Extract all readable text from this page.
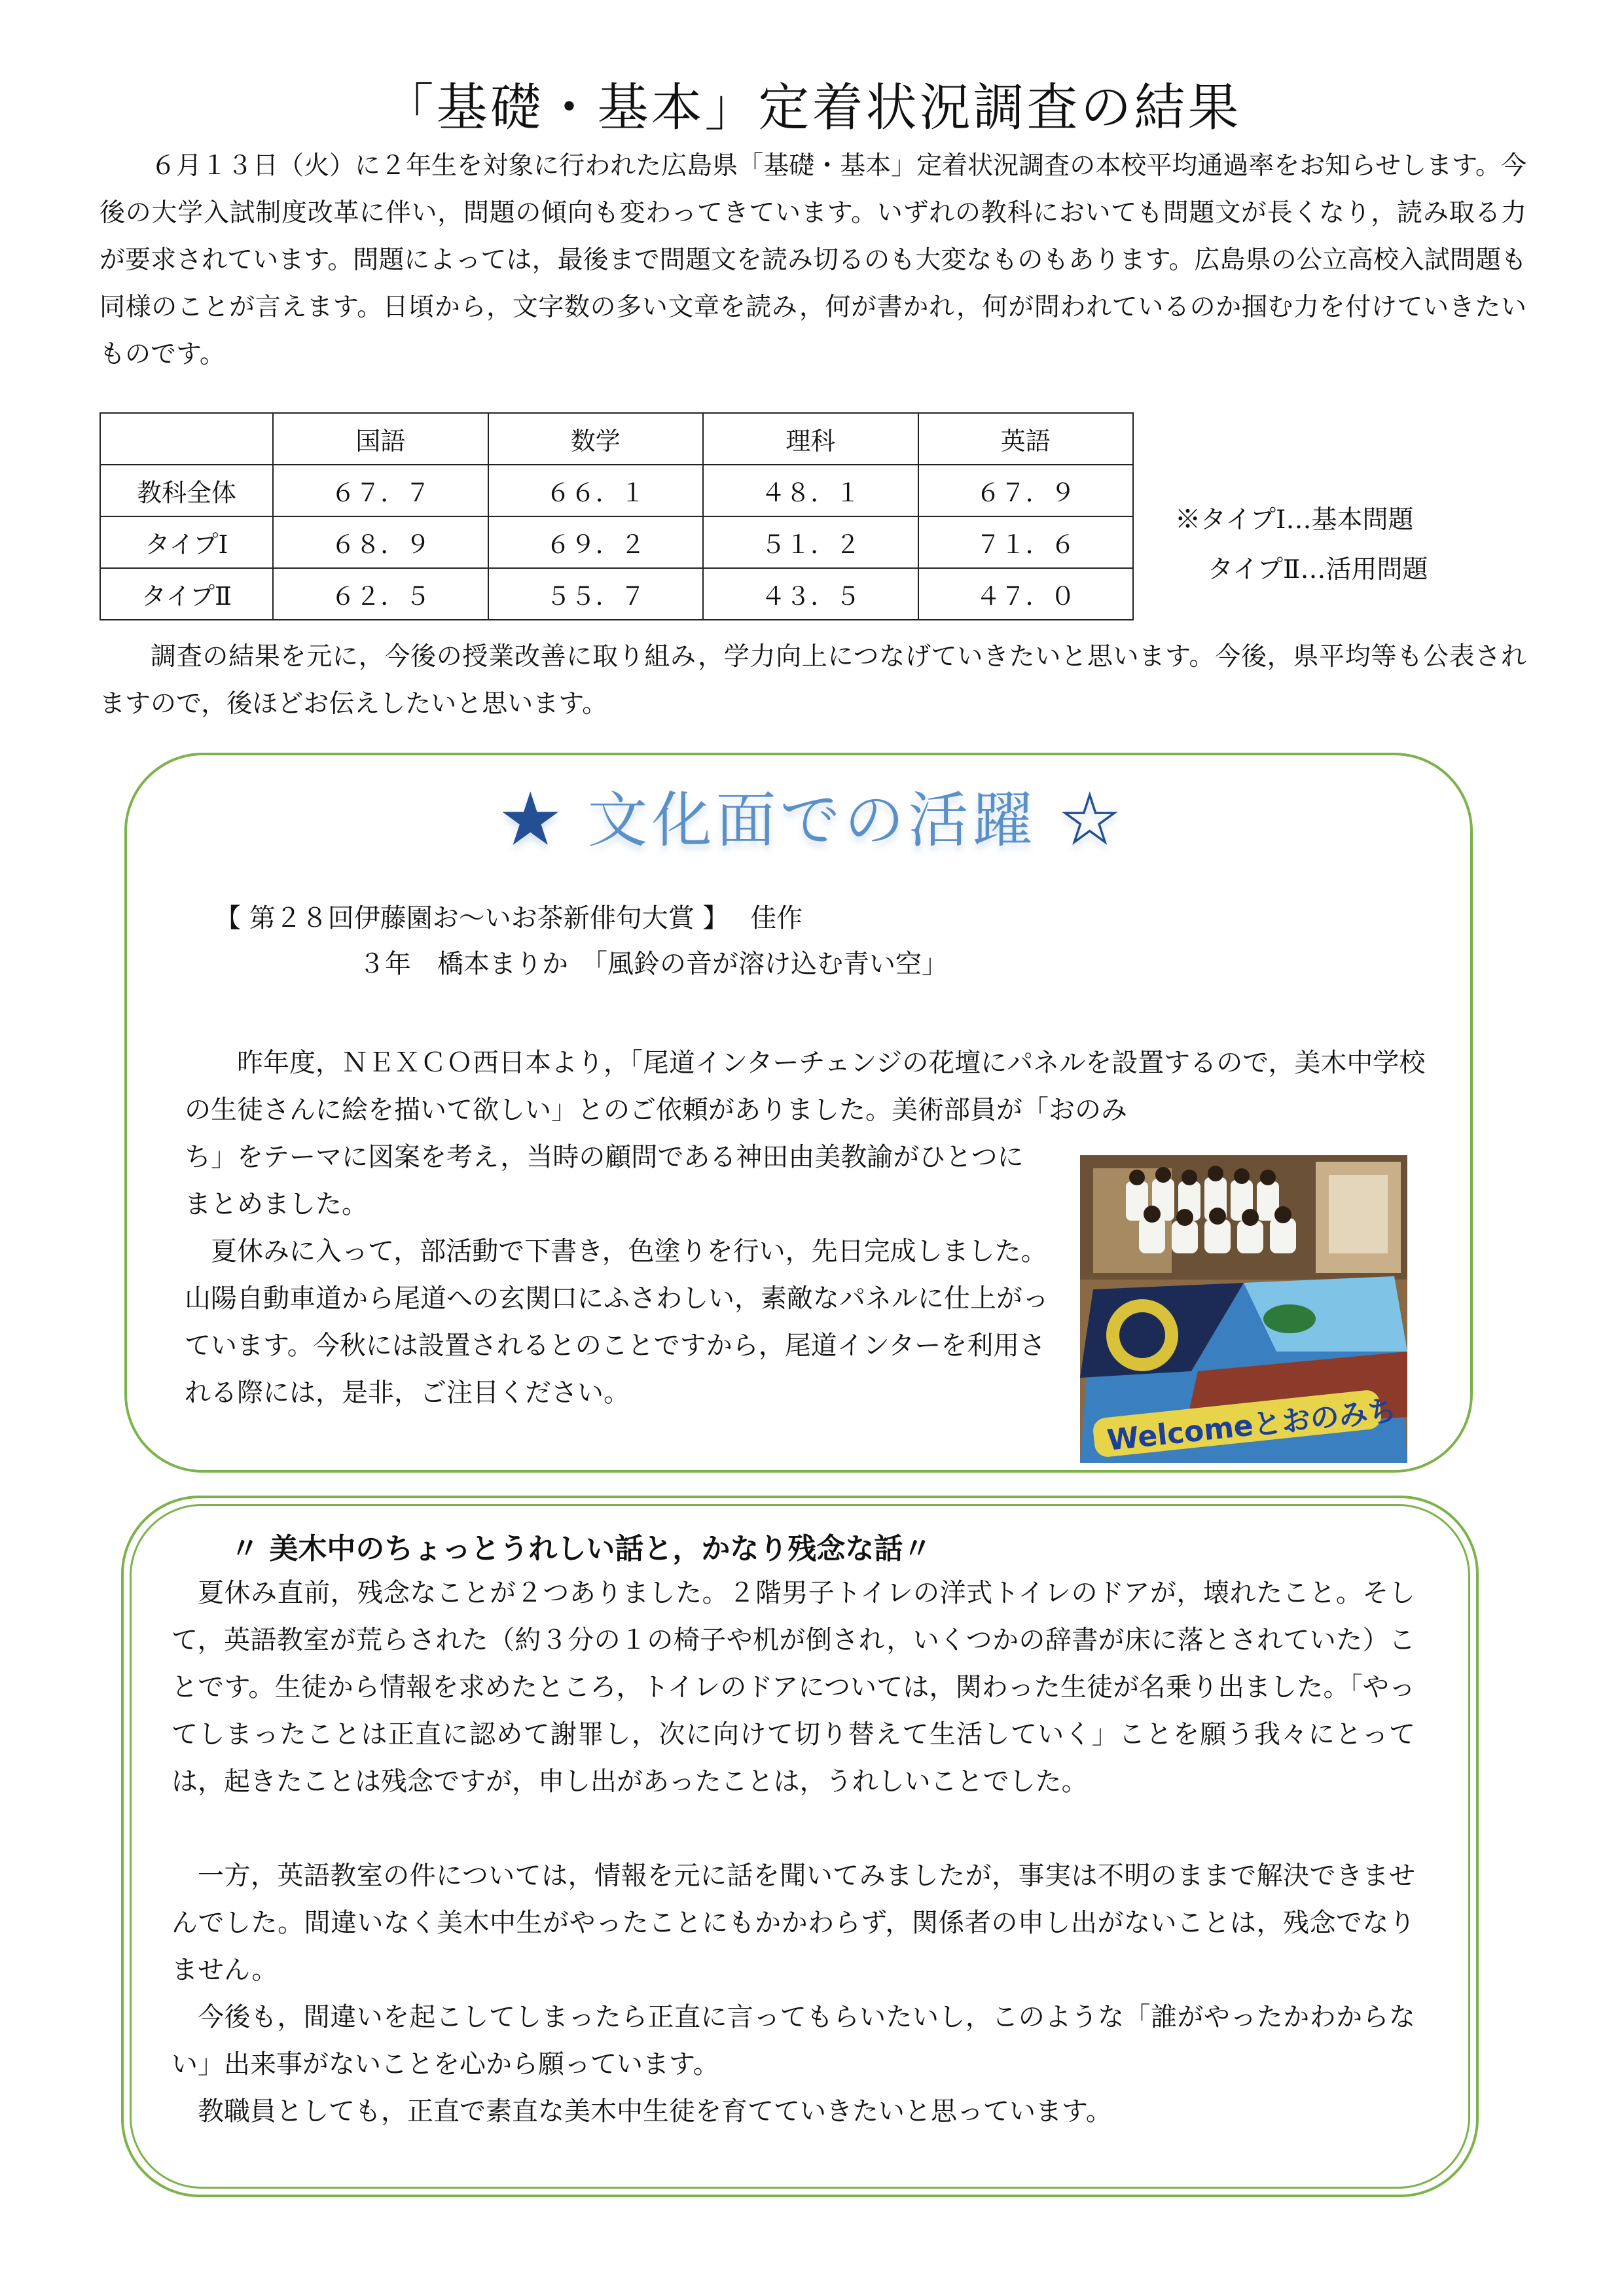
「基礎・基本」定着状況調査の結果

６月１３日（火）に２年生を対象に行われた広島県「基礎・基本」定着状況調査の本校平均通過率をお知らせします。今後の大学入試制度改革に伴い，問題の傾向も変わってきています。いずれの教科においても問題文が長くなり，読み取る力が要求されています。問題によっては，最後まで問題文を読み切るのも大変なものもあります。広島県の公立高校入試問題も同様のことが言えます。日頃から，文字数の多い文章を読み，何が書かれ，何が問われているのか掴む力を付けていきたいものです。

	国語	数学	理科	英語
教科全体	６７．７	６６．１	４８．１	６７．９
タイプⅠ	６８．９	６９．２	５１．２	７１．６
タイプⅡ	６２．５	５５．７	４３．５	４７．０
※タイプⅠ…基本問題
タイプⅡ…活用問題

調査の結果を元に，今後の授業改善に取り組み，学力向上につなげていきたいと思います。今後，県平均等も公表されますので，後ほどお伝えしたいと思います。

★ 文化面での活躍 ☆
【 第２８回伊藤園お～いお茶新俳句大賞 】　 佳作
３年　橋本まりか　「風鈴の音が溶け込む青い空」

昨年度，ＮＥＸＣＯ西日本より，「尾道インターチェンジの花壇にパネルを設置するので，美木中学校の生徒さんに絵を描いて欲しい」とのご依頼がありました。美術部員が「おのみ

ち」をテーマに図案を考え，当時の顧問である神田由美教諭がひとつにまとめました。

夏休みに入って，部活動で下書き，色塗りを行い，先日完成しました。山陽自動車道から尾道への玄関口にふさわしい，素敵なパネルに仕上がっています。今秋には設置されるとのことですから，尾道インターを利用される際には，是非，ご注目ください。

Welcomeとおのみち
〃 美木中のちょっとうれしい話と，かなり残念な話〃

夏休み直前，残念なことが２つありました。２階男子トイレの洋式トイレのドアが，壊れたこと。そして，英語教室が荒らされた（約３分の１の椅子や机が倒され，いくつかの辞書が床に落とされていた）ことです。生徒から情報を求めたところ，トイレのドアについては，関わった生徒が名乗り出ました。「やってしまったことは正直に認めて謝罪し，次に向けて切り替えて生活していく」ことを願う我々にとっては，起きたことは残念ですが，申し出があったことは，うれしいことでした。

一方，英語教室の件については，情報を元に話を聞いてみましたが，事実は不明のままで解決できませんでした。間違いなく美木中生がやったことにもかかわらず，関係者の申し出がないことは，残念でなりません。

今後も，間違いを起こしてしまったら正直に言ってもらいたいし，このような「誰がやったかわからない」出来事がないことを心から願っています。

教職員としても，正直で素直な美木中生徒を育てていきたいと思っています。
